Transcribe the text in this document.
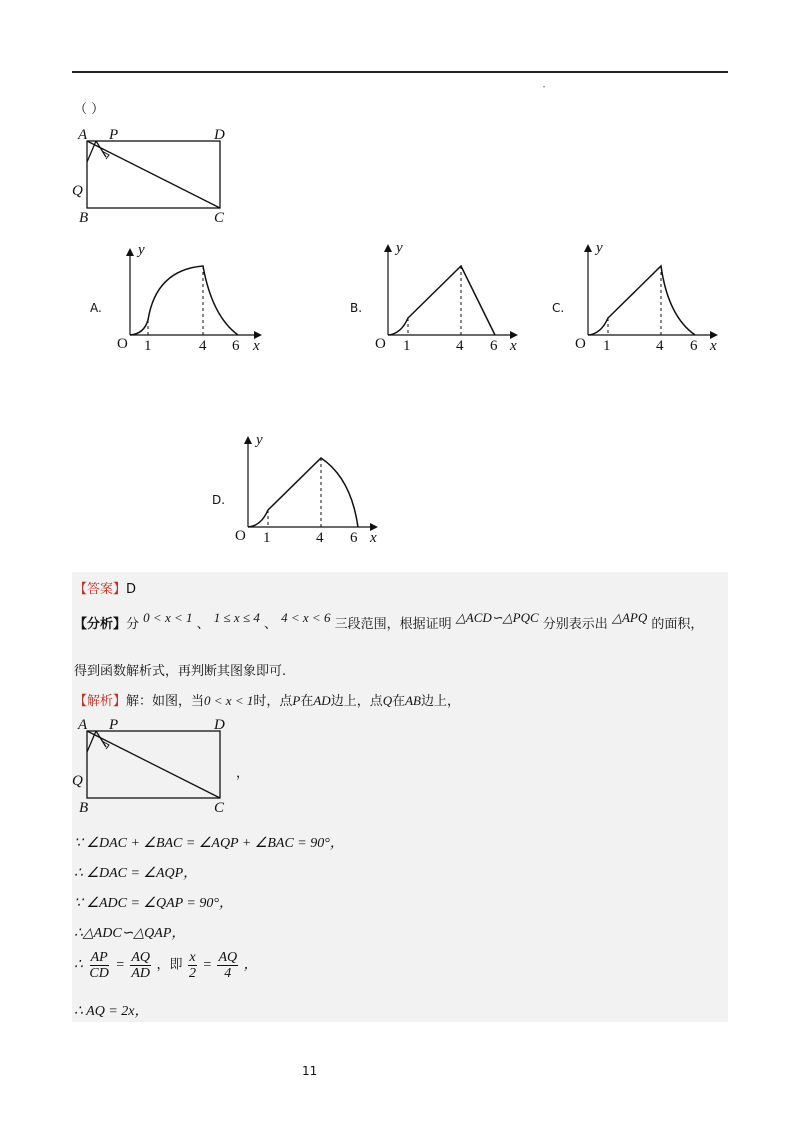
·
（ ）
A P	D
Q
B	C
A.
O 1	4 6 x
y
B.
O 1	4 6 x
y
C.
O 1	4 6 x
y
D.
O 1	4 6 x
y
【答案】D
【分析】分 0 < x < 1 、 1 ≤ x ≤ 4 、 4 < x < 6 三段范围，根据证明 △ACD∽△PQC 分别表示出 △APQ 的面积，
得到函数解析式，再判断其图象即可.
【解析】解：如图，当0 < x < 1时，点P在AD边上，点Q在AB边上，
A P	D
Q
B	C
，
∵ ∠DAC + ∠BAC = ∠AQP + ∠BAC = 90°，
∴ ∠DAC = ∠AQP，
∵ ∠ADC = ∠QAP = 90°，
∴△ADC∽△QAP，
∴ $\frac{AP}{CD} = \frac{AQ}{AD}$ ，即 $\frac{x}{2} = \frac{AQ}{4}$ ，
∴ AQ = 2x，
11
